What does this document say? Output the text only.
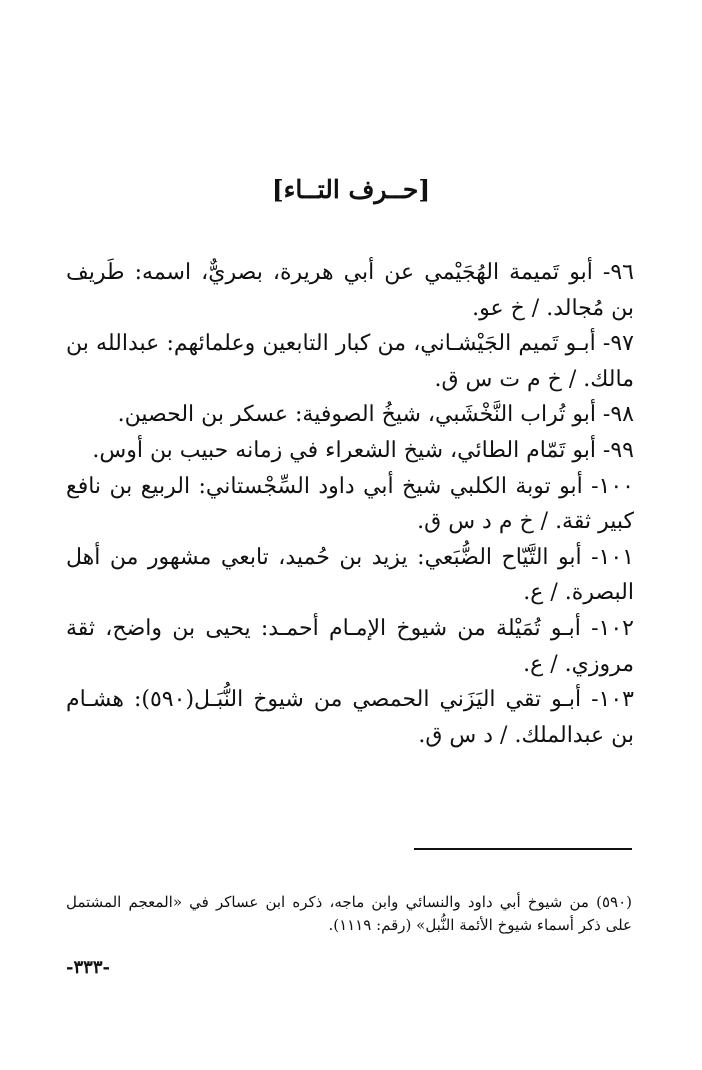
[حــرف التــاء]

٩٦- أبو تَميمة الهُجَيْمي عن أبي هريرة، بصريٌّ، اسمه: طَريف بن مُجالد. / خ عو.

٩٧- أبـو تَميم الجَيْشـاني، من كبار التابعين وعلمائهم: عبدالله بن مالك. / خ م ت س ق.

٩٨- أبو تُراب النَّخْشَبي، شيخُ الصوفية: عسكر بن الحصين.

٩٩- أبو تَمّام الطائي، شيخ الشعراء في زمانه حبيب بن أوس.

١٠٠- أبو توبة الكلبي شيخ أبي داود السِّجْستاني: الربيع بن نافع كبير ثقة. / خ م د س ق.

١٠١- أبو التَّيّاح الضُّبَعي: يزيد بن حُميد، تابعي مشهور من أهل البصرة. / ع.

١٠٢- أبـو تُمَيْلة من شيوخ الإمـام أحمـد: يحيى بن واضح، ثقة مروزي. / ع.

١٠٣- أبـو تقي اليَزَني الحمصي من شيوخ النُّبَـل(٥٩٠): هشـام بن عبدالملك. / د س ق.

(٥٩٠) من شيوخ أبي داود والنسائي وابن ماجه، ذكره ابن عساكر في «المعجم المشتمل على ذكر أسماء شيوخ الأئمة النُّبل» (رقم: ١١١٩).

-٣٣٣-
